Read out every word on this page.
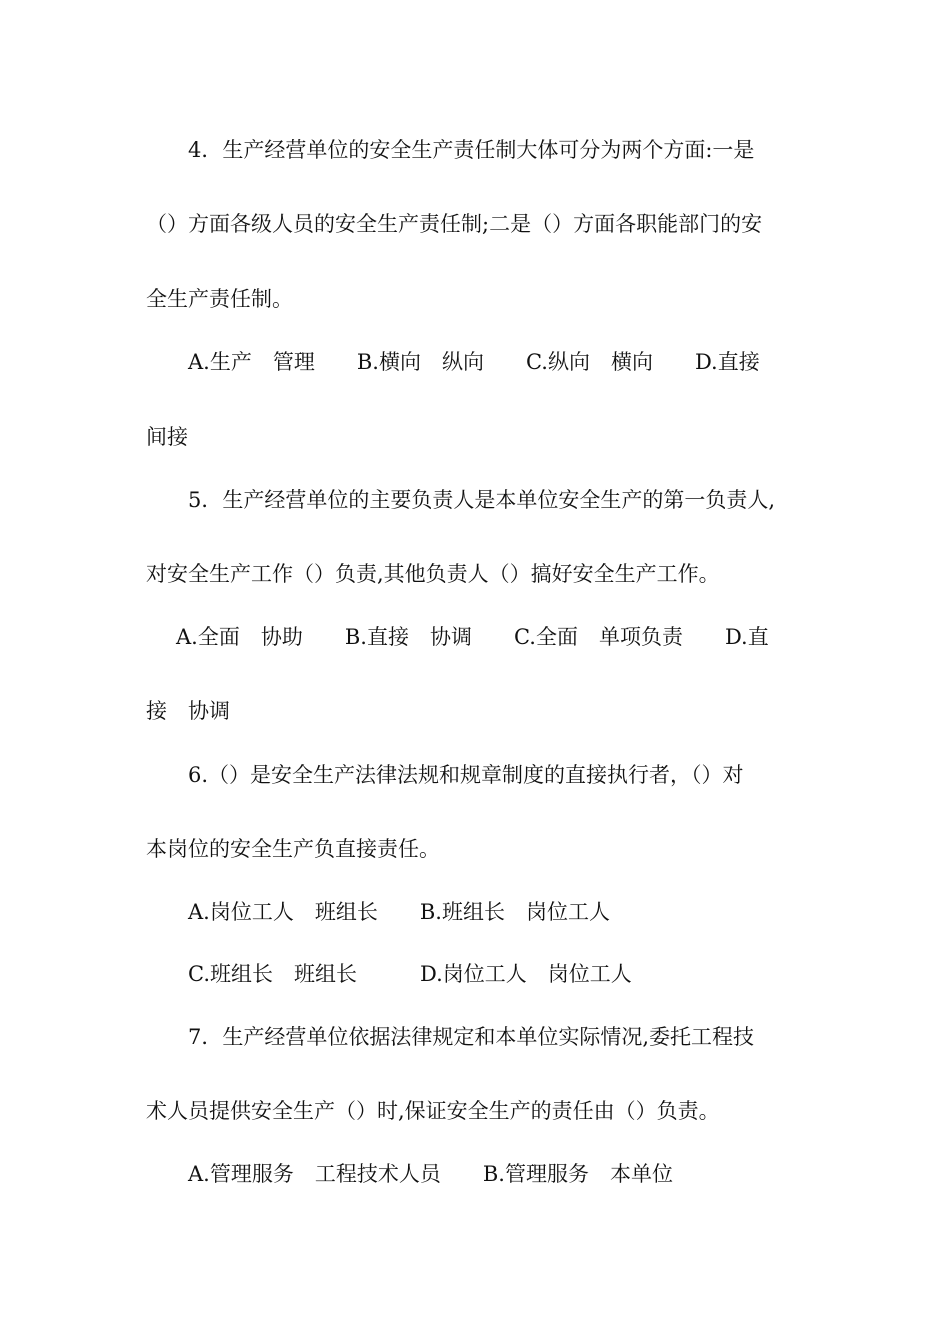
4．生产经营单位的安全生产责任制大体可分为两个方面:一是

（）方面各级人员的安全生产责任制;二是（）方面各职能部门的安

全生产责任制。

A.生产　管理　　B.横向　纵向　　C.纵向　横向　　D.直接

间接

5．生产经营单位的主要负责人是本单位安全生产的第一负责人,

对安全生产工作（）负责,其他负责人（）搞好安全生产工作。

A.全面　协助　　B.直接　协调　　C.全面　单项负责　　D.直

接　协调

6.（）是安全生产法律法规和规章制度的直接执行者，（）对

本岗位的安全生产负直接责任。

A.岗位工人　班组长　　B.班组长　岗位工人

C.班组长　班组长　　　D.岗位工人　岗位工人

7．生产经营单位依据法律规定和本单位实际情况,委托工程技

术人员提供安全生产（）时,保证安全生产的责任由（）负责。

A.管理服务　工程技术人员　　B.管理服务　本单位
